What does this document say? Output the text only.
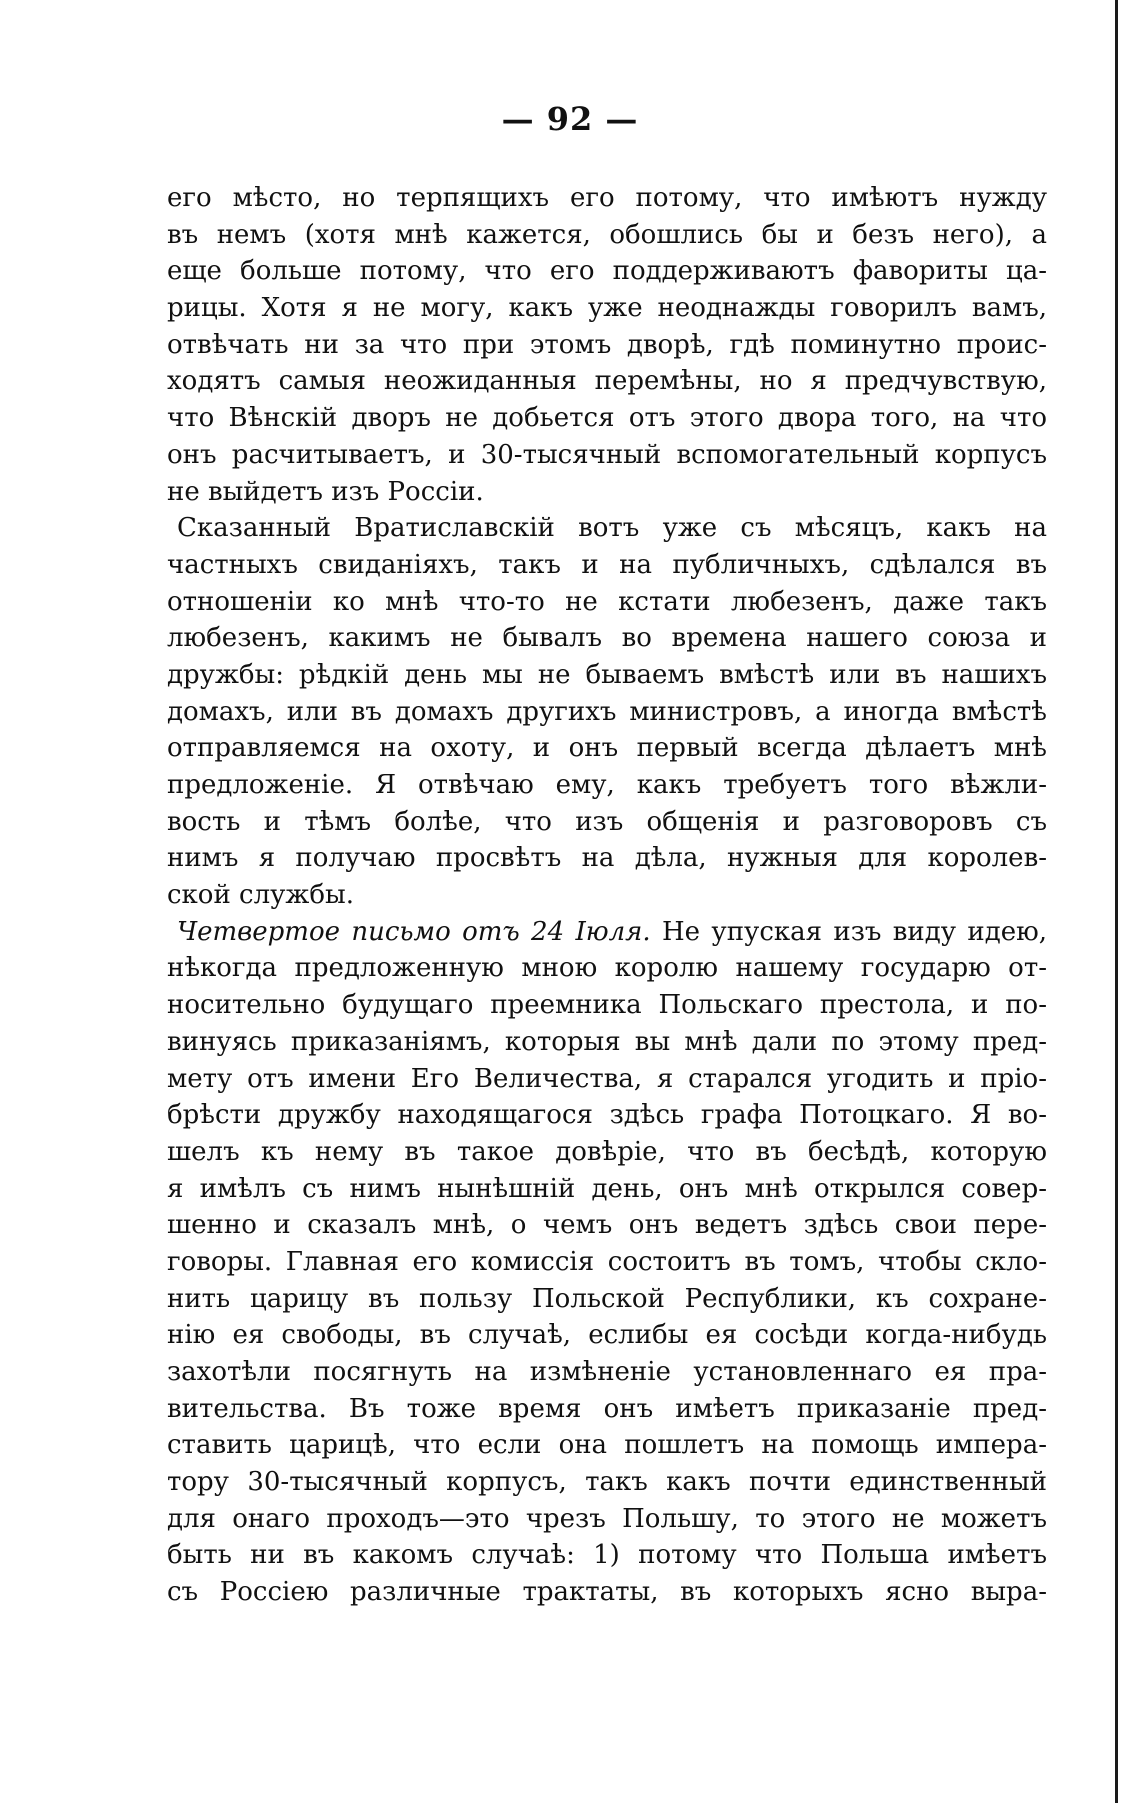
— 92 —
его мѣсто, но терпящихъ его потому, что имѣютъ нужду
въ немъ (хотя мнѣ кажется, обошлись бы и безъ него), а
еще больше потому, что его поддерживаютъ фавориты ца-
рицы. Хотя я не могу, какъ уже неоднажды говорилъ вамъ,
отвѣчать ни за что при этомъ дворѣ, гдѣ поминутно проис-
ходятъ самыя неожиданныя перемѣны, но я предчувствую,
что Вѣнскій дворъ не добьется отъ этого двора того, на что
онъ расчитываетъ, и 30-тысячный вспомогательный корпусъ
не выйдетъ изъ Россіи.
Сказанный Вратиславскій вотъ уже съ мѣсяцъ, какъ на
частныхъ свиданіяхъ, такъ и на публичныхъ, сдѣлался въ
отношеніи ко мнѣ что-то не кстати любезенъ, даже такъ
любезенъ, какимъ не бывалъ во времена нашего союза и
дружбы: рѣдкій день мы не бываемъ вмѣстѣ или въ нашихъ
домахъ, или въ домахъ другихъ министровъ, а иногда вмѣстѣ
отправляемся на охоту, и онъ первый всегда дѣлаетъ мнѣ
предложеніе. Я отвѣчаю ему, какъ требуетъ того вѣжли-
вость и тѣмъ болѣе, что изъ общенія и разговоровъ съ
нимъ я получаю просвѣтъ на дѣла, нужныя для королев-
ской службы.
Четвертое письмо отъ 24 Іюля. Не упуская изъ виду идею,
нѣкогда предложенную мною королю нашему государю от-
носительно будущаго преемника Польскаго престола, и по-
винуясь приказаніямъ, которыя вы мнѣ дали по этому пред-
мету отъ имени Его Величества, я старался угодить и пріо-
брѣсти дружбу находящагося здѣсь графа Потоцкаго. Я во-
шелъ къ нему въ такое довѣріе, что въ бесѣдѣ, которую
я имѣлъ съ нимъ нынѣшній день, онъ мнѣ открылся совер-
шенно и сказалъ мнѣ, о чемъ онъ ведетъ здѣсь свои пере-
говоры. Главная его комиссія состоитъ въ томъ, чтобы скло-
нить царицу въ пользу Польской Республики, къ сохране-
нію ея свободы, въ случаѣ, еслибы ея сосѣди когда-нибудь
захотѣли посягнуть на измѣненіе установленнаго ея пра-
вительства. Въ тоже время онъ имѣетъ приказаніе пред-
ставить царицѣ, что если она пошлетъ на помощь импера-
тору 30-тысячный корпусъ, такъ какъ почти единственный
для онаго проходъ—это чрезъ Польшу, то этого не можетъ
быть ни въ какомъ случаѣ: 1) потому что Польша имѣетъ
съ Россіею различные трактаты, въ которыхъ ясно выра-
